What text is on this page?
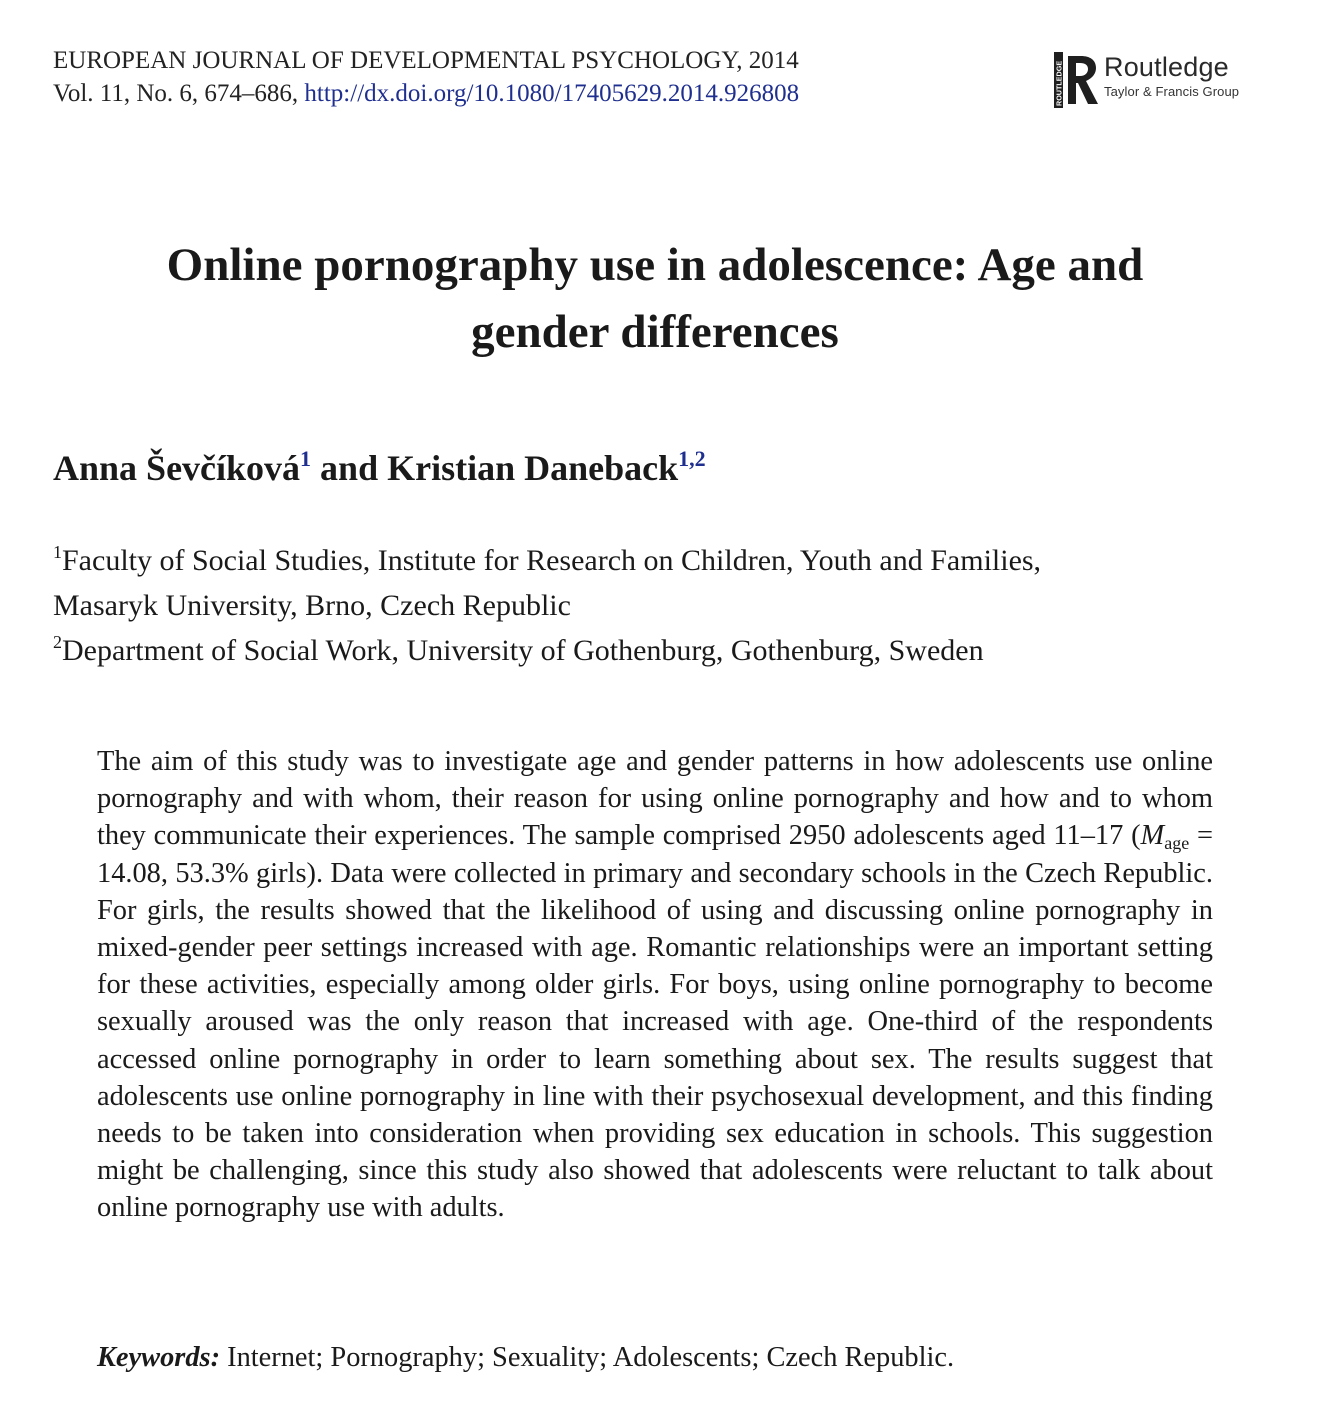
EUROPEAN JOURNAL OF DEVELOPMENTAL PSYCHOLOGY, 2014
Vol. 11, No. 6, 674–686, http://dx.doi.org/10.1080/17405629.2014.926808	ROUTLEDGE Routledge
Taylor & Francis Group
Online pornography use in adolescence: Age and
gender differences
Anna Ševčíková$^1$ and Kristian Daneback$^{1,2}$
$^1$Faculty of Social Studies, Institute for Research on Children, Youth and Families,
Masaryk University, Brno, Czech Republic
$^2$Department of Social Work, University of Gothenburg, Gothenburg, Sweden

The aim of this study was to investigate age and gender patterns in how adolescents use online pornography and with whom, their reason for using online pornography and how and to whom they communicate their experiences. The sample comprised 2950 adolescents aged 11–17 ($M_{age} = 14.08$, 53.3% girls). Data were collected in primary and secondary schools in the Czech Republic. For girls, the results showed that the likelihood of using and discussing online pornography in mixed-gender peer settings increased with age. Romantic relationships were an important setting for these activities, especially among older girls. For boys, using online pornography to become sexually aroused was the only reason that increased with age. One-third of the respondents accessed online pornography in order to learn something about sex. The results suggest that adolescents use online pornography in line with their psychosexual development, and this finding needs to be taken into consideration when providing sex education in schools. This suggestion might be challenging, since this study also showed that adolescents were reluctant to talk about online pornography use with adults.

Keywords: Internet; Pornography; Sexuality; Adolescents; Czech Republic.
